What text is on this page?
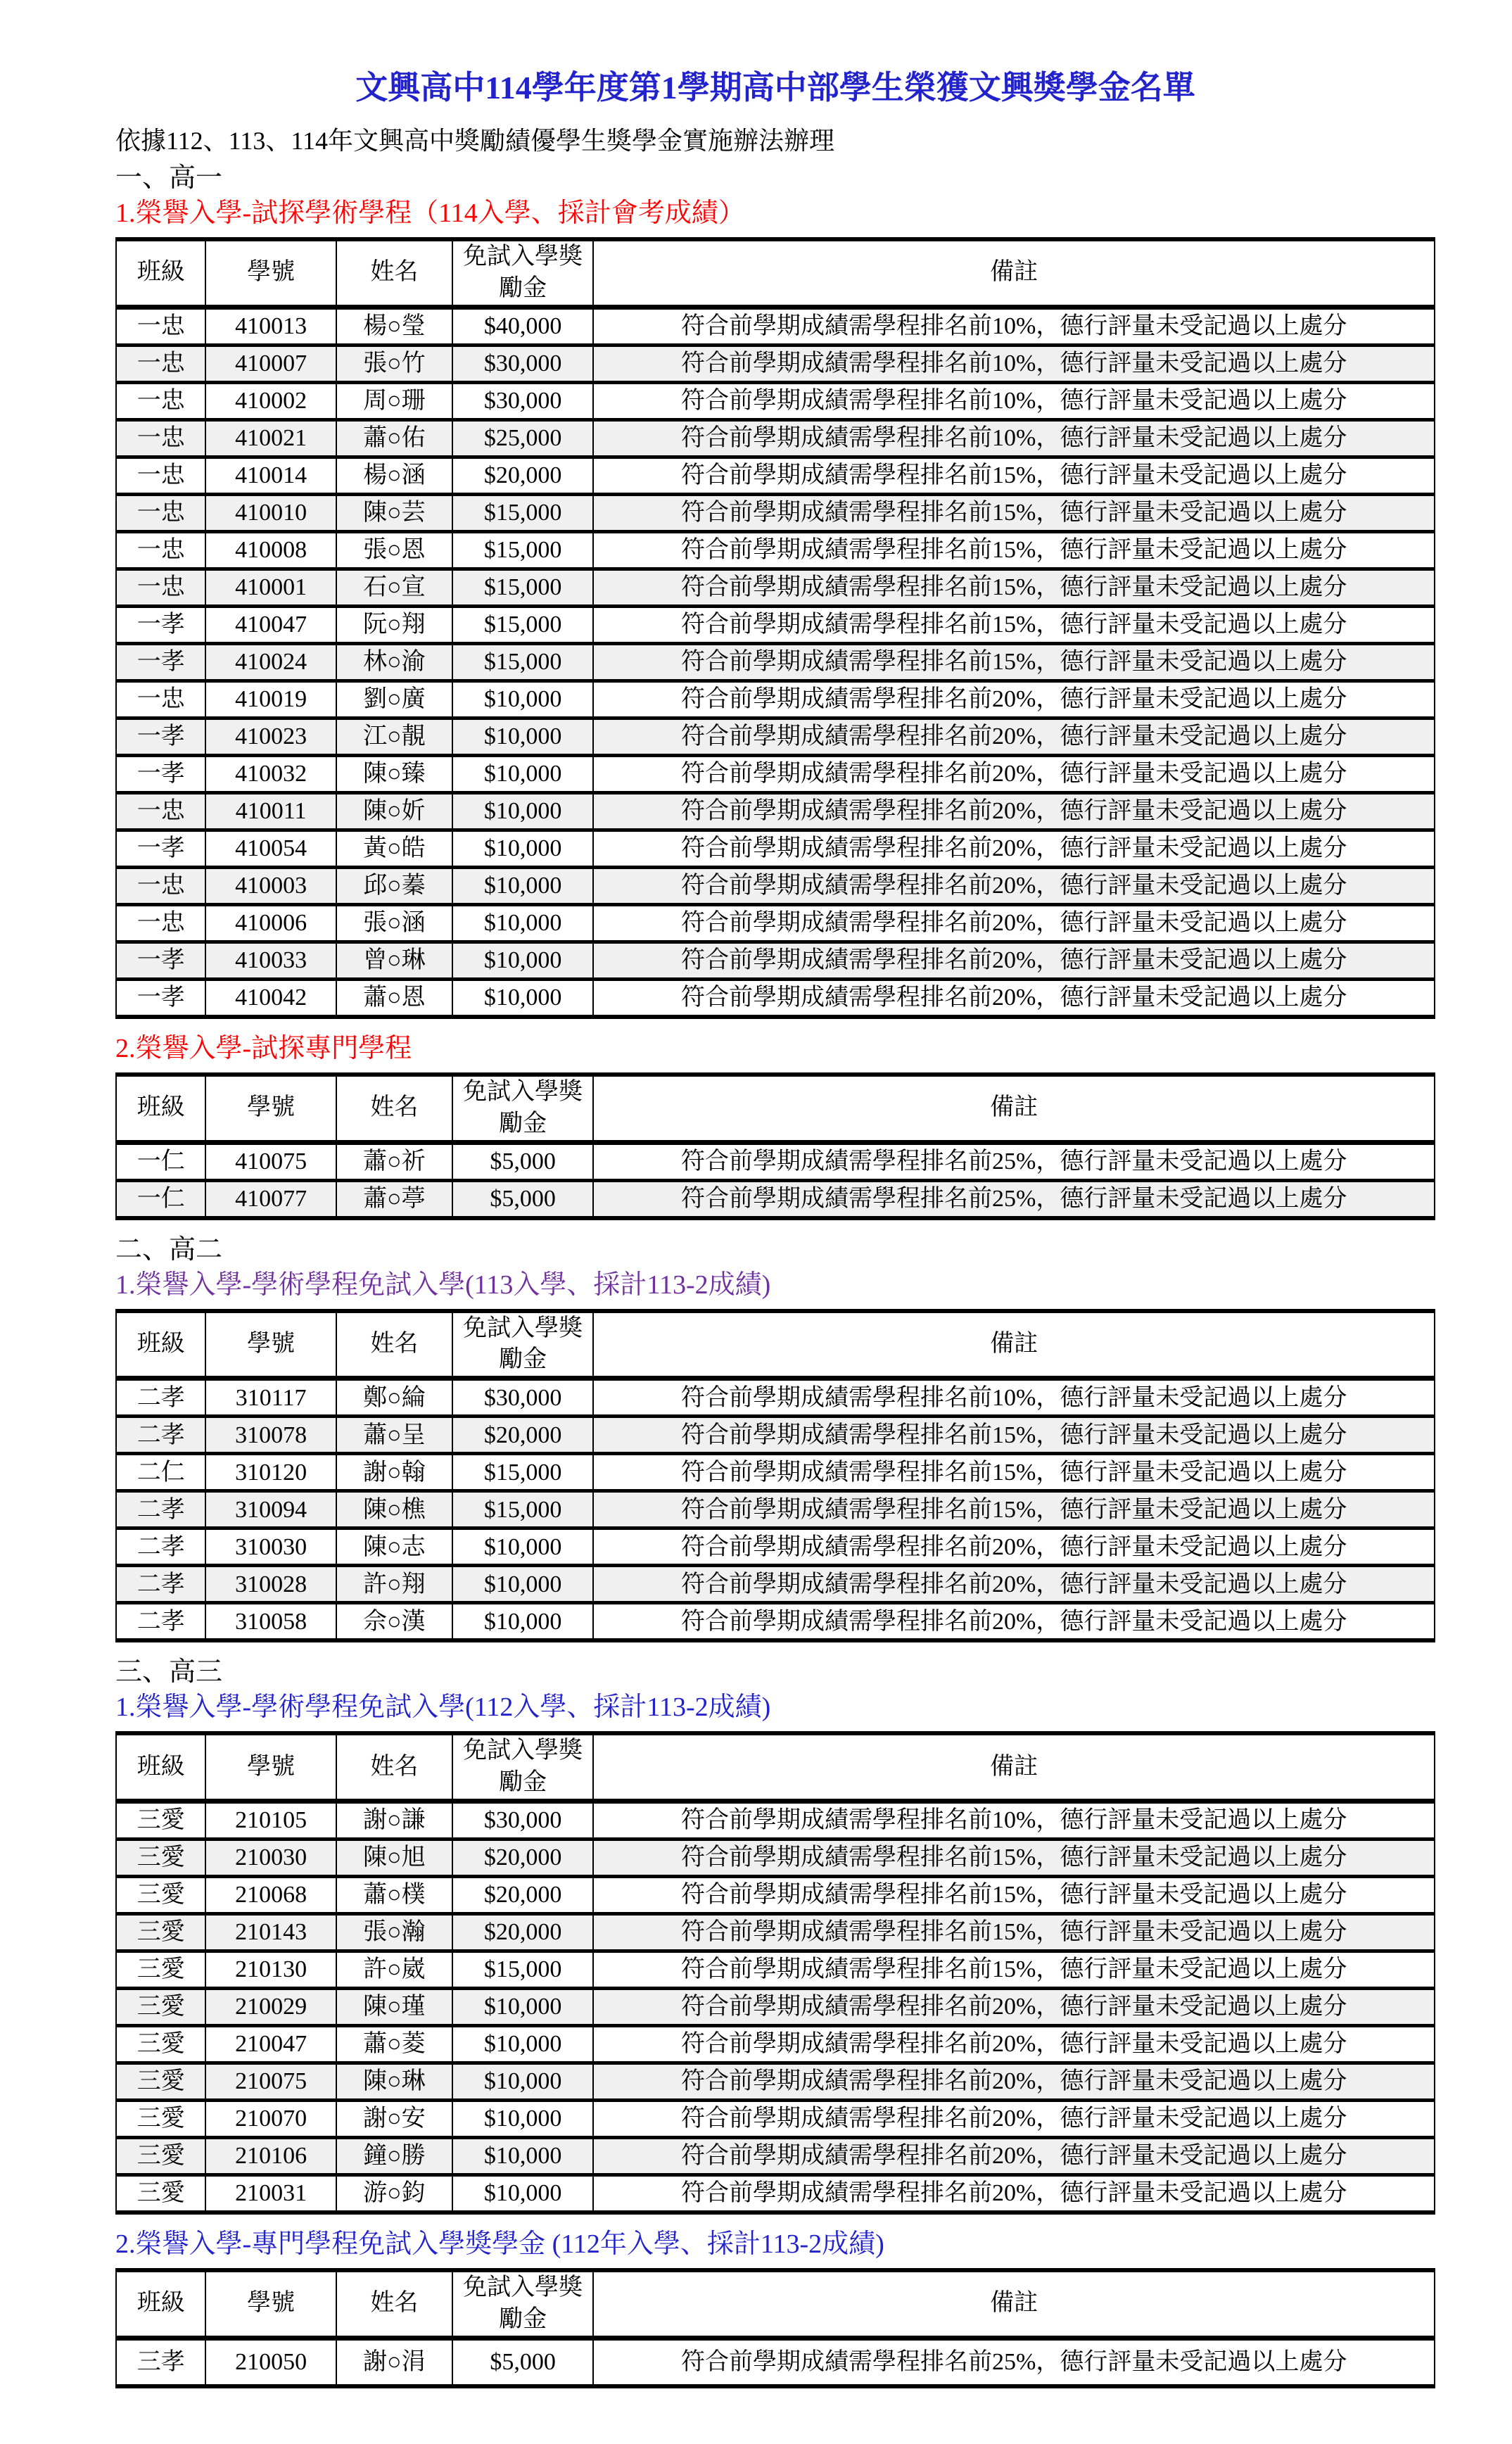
文興高中114學年度第1學期高中部學生榮獲文興獎學金名單

依據112、113、114年文興高中獎勵績優學生獎學金實施辦法辦理

一、高一
1.榮譽入學-試探學術學程（114入學、採計會考成績）
班級	學號	姓名	免試入學獎勵金	備註
一忠	410013	楊○瑩	$40,000	符合前學期成績需學程排名前10%，德行評量未受記過以上處分
一忠	410007	張○竹	$30,000	符合前學期成績需學程排名前10%，德行評量未受記過以上處分
一忠	410002	周○珊	$30,000	符合前學期成績需學程排名前10%，德行評量未受記過以上處分
一忠	410021	蕭○佑	$25,000	符合前學期成績需學程排名前10%，德行評量未受記過以上處分
一忠	410014	楊○涵	$20,000	符合前學期成績需學程排名前15%，德行評量未受記過以上處分
一忠	410010	陳○芸	$15,000	符合前學期成績需學程排名前15%，德行評量未受記過以上處分
一忠	410008	張○恩	$15,000	符合前學期成績需學程排名前15%，德行評量未受記過以上處分
一忠	410001	石○宣	$15,000	符合前學期成績需學程排名前15%，德行評量未受記過以上處分
一孝	410047	阮○翔	$15,000	符合前學期成績需學程排名前15%，德行評量未受記過以上處分
一孝	410024	林○渝	$15,000	符合前學期成績需學程排名前15%，德行評量未受記過以上處分
一忠	410019	劉○廣	$10,000	符合前學期成績需學程排名前20%，德行評量未受記過以上處分
一孝	410023	江○靚	$10,000	符合前學期成績需學程排名前20%，德行評量未受記過以上處分
一孝	410032	陳○臻	$10,000	符合前學期成績需學程排名前20%，德行評量未受記過以上處分
一忠	410011	陳○妡	$10,000	符合前學期成績需學程排名前20%，德行評量未受記過以上處分
一孝	410054	黃○皓	$10,000	符合前學期成績需學程排名前20%，德行評量未受記過以上處分
一忠	410003	邱○蓁	$10,000	符合前學期成績需學程排名前20%，德行評量未受記過以上處分
一忠	410006	張○涵	$10,000	符合前學期成績需學程排名前20%，德行評量未受記過以上處分
一孝	410033	曾○琳	$10,000	符合前學期成績需學程排名前20%，德行評量未受記過以上處分
一孝	410042	蕭○恩	$10,000	符合前學期成績需學程排名前20%，德行評量未受記過以上處分
2.榮譽入學-試探專門學程
班級	學號	姓名	免試入學獎勵金	備註
一仁	410075	蕭○祈	$5,000	符合前學期成績需學程排名前25%，德行評量未受記過以上處分
一仁	410077	蕭○葶	$5,000	符合前學期成績需學程排名前25%，德行評量未受記過以上處分
二、高二
1.榮譽入學-學術學程免試入學(113入學、採計113-2成績)
班級	學號	姓名	免試入學獎勵金	備註
二孝	310117	鄭○綸	$30,000	符合前學期成績需學程排名前10%，德行評量未受記過以上處分
二孝	310078	蕭○呈	$20,000	符合前學期成績需學程排名前15%，德行評量未受記過以上處分
二仁	310120	謝○翰	$15,000	符合前學期成績需學程排名前15%，德行評量未受記過以上處分
二孝	310094	陳○樵	$15,000	符合前學期成績需學程排名前15%，德行評量未受記過以上處分
二孝	310030	陳○志	$10,000	符合前學期成績需學程排名前20%，德行評量未受記過以上處分
二孝	310028	許○翔	$10,000	符合前學期成績需學程排名前20%，德行評量未受記過以上處分
二孝	310058	佘○漢	$10,000	符合前學期成績需學程排名前20%，德行評量未受記過以上處分
三、高三
1.榮譽入學-學術學程免試入學(112入學、採計113-2成績)
班級	學號	姓名	免試入學獎勵金	備註
三愛	210105	謝○謙	$30,000	符合前學期成績需學程排名前10%，德行評量未受記過以上處分
三愛	210030	陳○旭	$20,000	符合前學期成績需學程排名前15%，德行評量未受記過以上處分
三愛	210068	蕭○樸	$20,000	符合前學期成績需學程排名前15%，德行評量未受記過以上處分
三愛	210143	張○瀚	$20,000	符合前學期成績需學程排名前15%，德行評量未受記過以上處分
三愛	210130	許○崴	$15,000	符合前學期成績需學程排名前15%，德行評量未受記過以上處分
三愛	210029	陳○瑾	$10,000	符合前學期成績需學程排名前20%，德行評量未受記過以上處分
三愛	210047	蕭○菱	$10,000	符合前學期成績需學程排名前20%，德行評量未受記過以上處分
三愛	210075	陳○琳	$10,000	符合前學期成績需學程排名前20%，德行評量未受記過以上處分
三愛	210070	謝○安	$10,000	符合前學期成績需學程排名前20%，德行評量未受記過以上處分
三愛	210106	鐘○勝	$10,000	符合前學期成績需學程排名前20%，德行評量未受記過以上處分
三愛	210031	游○鈞	$10,000	符合前學期成績需學程排名前20%，德行評量未受記過以上處分
2.榮譽入學-專門學程免試入學獎學金 (112年入學、採計113-2成績)
班級	學號	姓名	免試入學獎勵金	備註
三孝	210050	謝○涓	$5,000	符合前學期成績需學程排名前25%，德行評量未受記過以上處分
